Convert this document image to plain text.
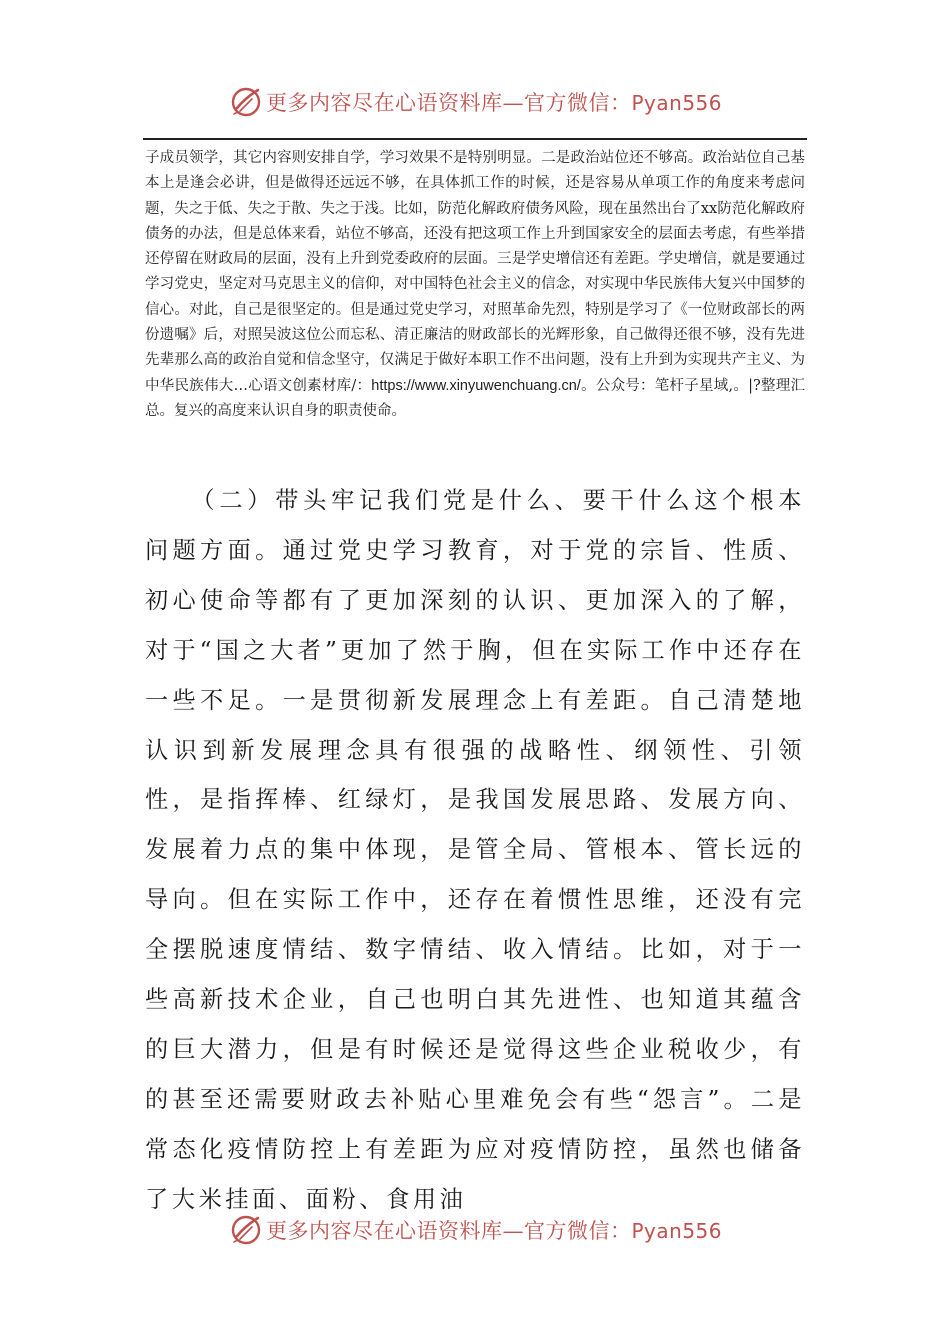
更多内容尽在心语资料库—官方微信：Pyan556

子成员领学，其它内容则安排自学，学习效果不是特别明显。二是政治站位还不够高。政治站位自己基本上是逢会必讲，但是做得还远远不够，在具体抓工作的时候，还是容易从单项工作的角度来考虑问题，失之于低、失之于散、失之于浅。比如，防范化解政府债务风险，现在虽然出台了xx防范化解政府债务的办法，但是总体来看，站位不够高，还没有把这项工作上升到国家安全的层面去考虑，有些举措还停留在财政局的层面，没有上升到党委政府的层面。三是学史增信还有差距。学史增信，就是要通过学习党史，坚定对马克思主义的信仰，对中国特色社会主义的信念，对实现中华民族伟大复兴中国梦的信心。对此，自己是很坚定的。但是通过党史学习，对照革命先烈，特别是学习了《一位财政部长的两份遗嘱》后，对照吴波这位公而忘私、清正廉洁的财政部长的光辉形象，自己做得还很不够，没有先进先辈那么高的政治自觉和信念坚守，仅满足于做好本职工作不出问题，没有上升到为实现共产主义、为中华民族伟大…心语文创素材库/：https://www.xinyuwenchuang.cn/。公众号：笔杆子星域,。|?整理汇总。复兴的高度来认识自身的职责使命。

（二）带头牢记我们党是什么、要干什么这个根本问题方面。通过党史学习教育，对于党的宗旨、性质、初心使命等都有了更加深刻的认识、更加深入的了解，对于“国之大者”更加了然于胸，但在实际工作中还存在一些不足。一是贯彻新发展理念上有差距。自己清楚地认识到新发展理念具有很强的战略性、纲领性、引领性，是指挥棒、红绿灯，是我国发展思路、发展方向、发展着力点的集中体现，是管全局、管根本、管长远的导向。但在实际工作中，还存在着惯性思维，还没有完全摆脱速度情结、数字情结、收入情结。比如，对于一些高新技术企业，自己也明白其先进性、也知道其蕴含的巨大潜力，但是有时候还是觉得这些企业税收少，有的甚至还需要财政去补贴心里难免会有些“怨言”。二是常态化疫情防控上有差距为应对疫情防控，虽然也储备了大米挂面、面粉、食用油

更多内容尽在心语资料库—官方微信：Pyan556
